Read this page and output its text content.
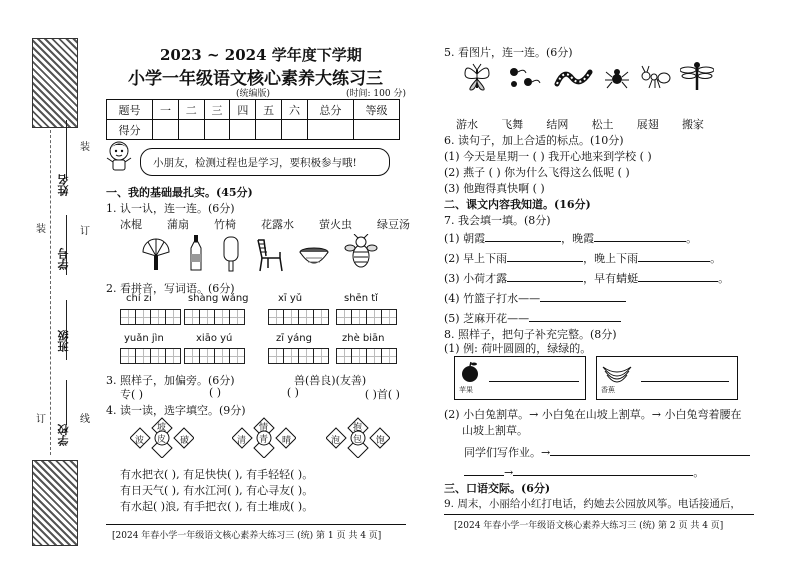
姓名
学号
班级
学校
装
订
线
装
订
2023 ~ 2024 学年度下学期
小学一年级语文核心素养大练习三
(统编版)	(时间: 100 分)
题号	一	二	三	四	五	六	总分	等级
得分								
小朋友，检测过程也是学习，要积极参与哦!
一、我的基础最扎实。(45分)
1. 认一认，连一连。(6分)
冰棍 蒲扇 竹椅 花露水 萤火虫 绿豆汤
2. 看拼音，写词语。(6分)
chí zi	shàng wǎng	xī yǔ	shēn tǐ
yuǎn jìn	xiāo yú	zī yáng	zhè biān
3. 照样子，加偏旁。(6分)	兽(兽良)(友善)
专( )	( )	( )	( )首( )
4. 读一读，选字填空。(9分)
坡
波 皮 破
情
清 青 晴
抱
泡 包 饱
有水把衣( ), 有足快快( ), 有手轻轻( )。
有日天气( ), 有水江河( ), 有心寻友( )。
有水起( )浪, 有手把衣( ), 有土堆成( )。
[2024 年春小学一年级语文核心素养大练习三 (统) 第 1 页 共 4 页]
5. 看图片，连一连。(6分)
游水 飞舞 结网 松土 展翅 搬家
6. 读句子，加上合适的标点。(10分)
(1) 今天是星期一 ( ) 我开心地来到学校 ( )
(2) 燕子 ( ) 你为什么飞得这么低呢 ( )
(3) 他跑得真快啊 ( )
二、课文内容我知道。(16分)
7. 我会填一填。(8分)
(1) 朝霞	，晚霞	。
(2) 早上下雨	，晚上下雨	。
(3) 小荷才露	，早有蜻蜓	。
(4) 竹篮子打水——
(5) 芝麻开花——
8. 照样子，把句子补充完整。(8分)
(1) 例: 荷叶圆圆的，绿绿的。
苹果	香蕉
(2) 小白兔割草。→ 小白兔在山坡上割草。→ 小白兔弯着腰在
山坡上割草。
同学们写作业。→
→	。
三、口语交际。(6分)
9. 周末，小丽给小红打电话，约她去公园放风筝。电话接通后，
[2024 年春小学一年级语文核心素养大练习三 (统) 第 2 页 共 4 页]
